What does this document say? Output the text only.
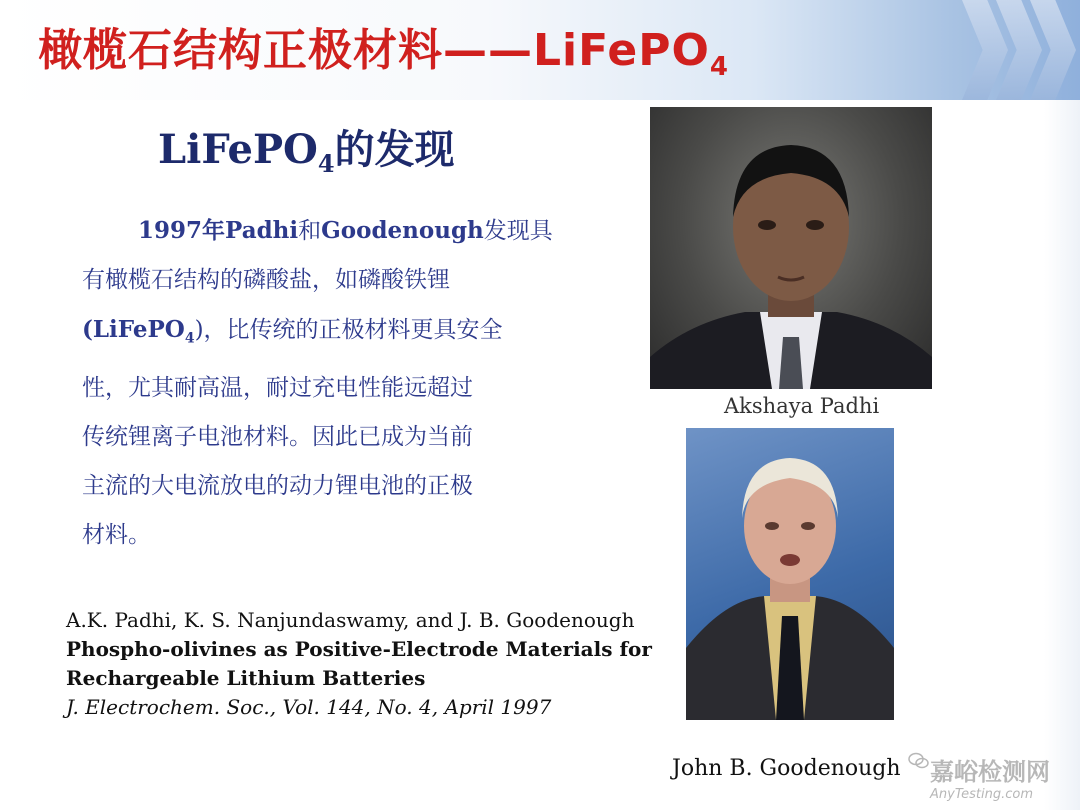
橄榄石结构正极材料——LiFePO$_4$
LiFePO$_4$的发现

1997年Padhi和Goodenough发现具

有橄榄石结构的磷酸盐，如磷酸铁锂

(LiFePO$_4$)，比传统的正极材料更具安全

性，尤其耐高温，耐过充电性能远超过

传统锂离子电池材料。因此已成为当前

主流的大电流放电的动力锂电池的正极

材料。

A.K. Padhi, K. S. Nanjundaswamy, and J. B. Goodenough
Phospho-olivines as Positive-Electrode Materials for
Rechargeable Lithium Batteries
J. Electrochem. Soc., Vol. 144, No. 4, April 1997
Akshaya Padhi
John B. Goodenough 嘉峪检测网
AnyTesting.com
